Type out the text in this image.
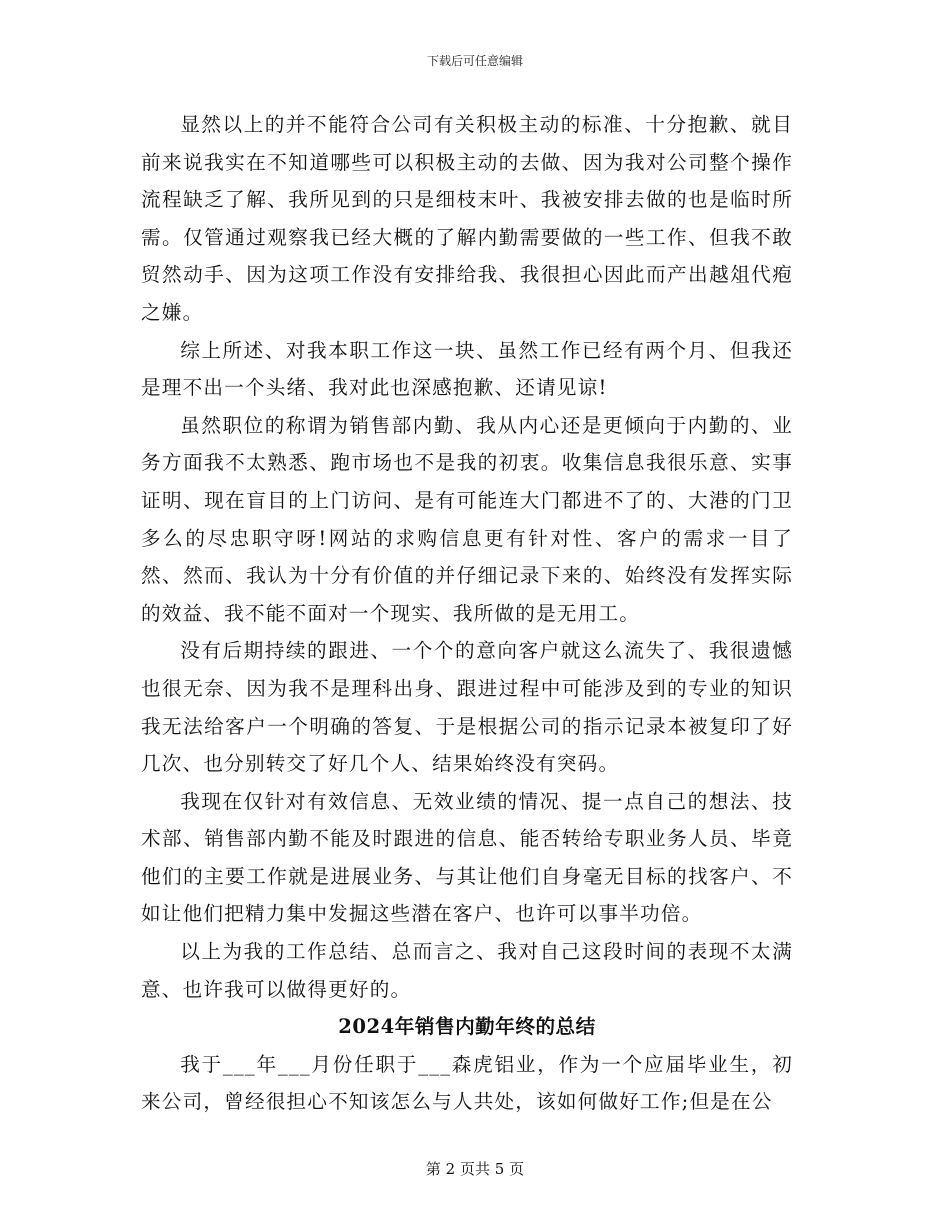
下载后可任意编辑

显然以上的并不能符合公司有关积极主动的标准、十分抱歉、就目前来说我实在不知道哪些可以积极主动的去做、因为我对公司整个操作流程缺乏了解、我所见到的只是细枝末叶、我被安排去做的也是临时所需。仅管通过观察我已经大概的了解内勤需要做的一些工作、但我不敢贸然动手、因为这项工作没有安排给我、我很担心因此而产出越俎代疱之嫌。

综上所述、对我本职工作这一块、虽然工作已经有两个月、但我还是理不出一个头绪、我对此也深感抱歉、还请见谅!

虽然职位的称谓为销售部内勤、我从内心还是更倾向于内勤的、业务方面我不太熟悉、跑市场也不是我的初衷。收集信息我很乐意、实事证明、现在盲目的上门访问、是有可能连大门都进不了的、大港的门卫多么的尽忠职守呀!网站的求购信息更有针对性、客户的需求一目了然、然而、我认为十分有价值的并仔细记录下来的、始终没有发挥实际的效益、我不能不面对一个现实、我所做的是无用工。

没有后期持续的跟进、一个个的意向客户就这么流失了、我很遗憾也很无奈、因为我不是理科出身、跟进过程中可能涉及到的专业的知识我无法给客户一个明确的答复、于是根据公司的指示记录本被复印了好几次、也分别转交了好几个人、结果始终没有突码。

我现在仅针对有效信息、无效业绩的情况、提一点自己的想法、技术部、销售部内勤不能及时跟进的信息、能否转给专职业务人员、毕竟他们的主要工作就是进展业务、与其让他们自身毫无目标的找客户、不如让他们把精力集中发掘这些潜在客户、也许可以事半功倍。

以上为我的工作总结、总而言之、我对自己这段时间的表现不太满意、也许我可以做得更好的。

2024年销售内勤年终的总结

我于___年___月份任职于___森虎铝业，作为一个应届毕业生，初来公司，曾经很担心不知该怎么与人共处，该如何做好工作;但是在公

第 2 页共 5 页
